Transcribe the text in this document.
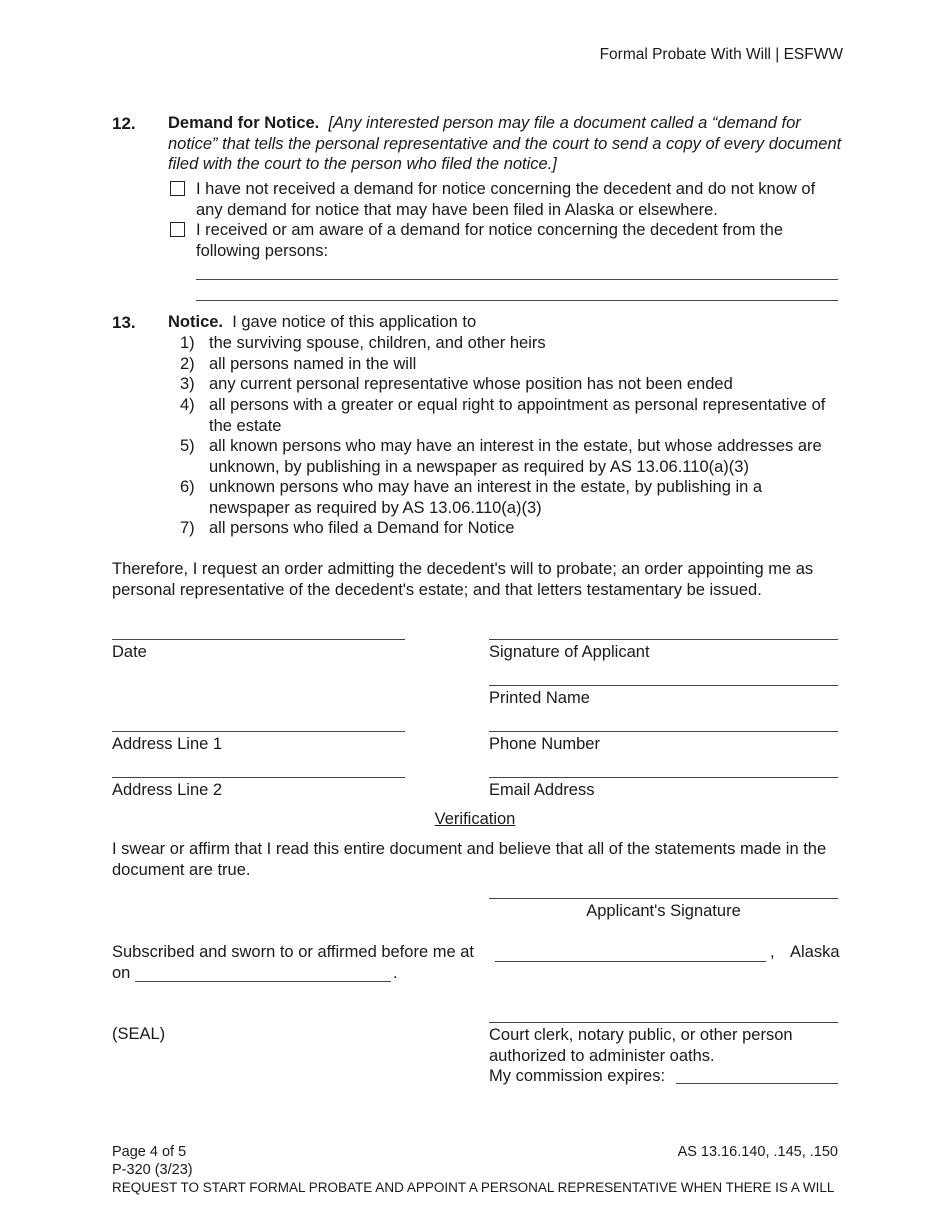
Formal Probate With Will | ESFWW
12. Demand for Notice. [Any interested person may file a document called a “demand for notice” that tells the personal representative and the court to send a copy of every document filed with the court to the person who filed the notice.]
I have not received a demand for notice concerning the decedent and do not know of any demand for notice that may have been filed in Alaska or elsewhere.
I received or am aware of a demand for notice concerning the decedent from the following persons:
13. Notice. I gave notice of this application to
1) the surviving spouse, children, and other heirs
2) all persons named in the will
3) any current personal representative whose position has not been ended
4) all persons with a greater or equal right to appointment as personal representative of the estate
5) all known persons who may have an interest in the estate, but whose addresses are unknown, by publishing in a newspaper as required by AS 13.06.110(a)(3)
6) unknown persons who may have an interest in the estate, by publishing in a newspaper as required by AS 13.06.110(a)(3)
7) all persons who filed a Demand for Notice
Therefore, I request an order admitting the decedent's will to probate; an order appointing me as personal representative of the decedent's estate; and that letters testamentary be issued.
Date	Signature of Applicant
Printed Name
Address Line 1	Phone Number
Address Line 2	Email Address
Verification
I swear or affirm that I read this entire document and believe that all of the statements made in the document are true.
Applicant's Signature
Subscribed and sworn to or affirmed before me at	, Alaska
on	.
(SEAL)	Court clerk, notary public, or other person
authorized to administer oaths.
My commission expires:
Page 4 of 5	AS 13.16.140, .145, .150
P-320 (3/23)
REQUEST TO START FORMAL PROBATE AND APPOINT A PERSONAL REPRESENTATIVE WHEN THERE IS A WILL
